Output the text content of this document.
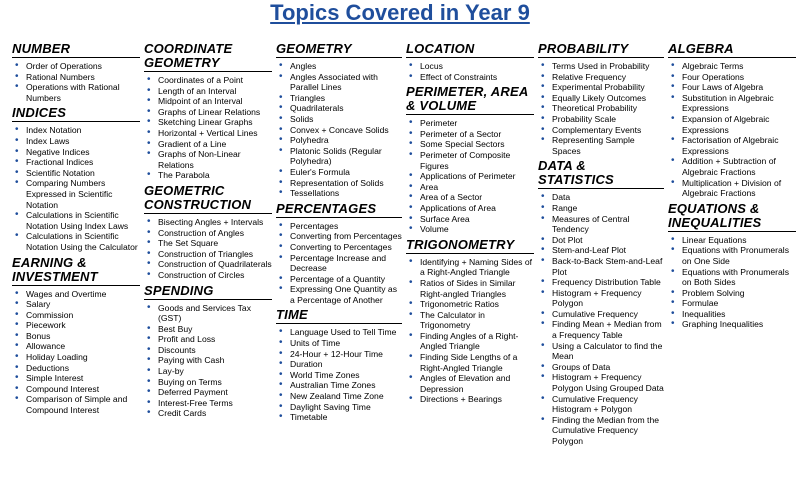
Topics Covered in Year 9
NUMBER
• Order of Operations
• Rational Numbers
• Operations with Rational Numbers
INDICES
• Index Notation
• Index Laws
• Negative Indices
• Fractional Indices
• Scientific Notation
• Comparing Numbers Expressed in Scientific Notation
• Calculations in Scientific Notation Using Index Laws
• Calculations in Scientific Notation Using the Calculator
EARNING & INVESTMENT
• Wages and Overtime
• Salary
• Commission
• Piecework
• Bonus
• Allowance
• Holiday Loading
• Deductions
• Simple Interest
• Compound Interest
• Comparison of Simple and Compound Interest
COORDINATE GEOMETRY
• Coordinates of a Point
• Length of an Interval
• Midpoint of an Interval
• Graphs of Linear Relations
• Sketching Linear Graphs
• Horizontal + Vertical Lines
• Gradient of a Line
• Graphs of Non-Linear Relations
• The Parabola
GEOMETRIC CONSTRUCTION
• Bisecting Angles + Intervals
• Construction of Angles
• The Set Square
• Construction of Triangles
• Construction of Quadrilaterals
• Construction of Circles
SPENDING
• Goods and Services Tax (GST)
• Best Buy
• Profit and Loss
• Discounts
• Paying with Cash
• Lay-by
• Buying on Terms
• Deferred Payment
• Interest-Free Terms
• Credit Cards
GEOMETRY
• Angles
• Angles Associated with Parallel Lines
• Triangles
• Quadrilaterals
• Solids
• Convex + Concave Solids
• Polyhedra
• Platonic Solids (Regular Polyhedra)
• Euler's Formula
• Representation of Solids
• Tessellations
PERCENTAGES
• Percentages
• Converting from Percentages
• Converting to Percentages
• Percentage Increase and Decrease
• Percentage of a Quantity
• Expressing One Quantity as a Percentage of Another
TIME
• Language Used to Tell Time
• Units of Time
• 24-Hour + 12-Hour Time
• Duration
• World Time Zones
• Australian Time Zones
• New Zealand Time Zone
• Daylight Saving Time
• Timetable
LOCATION
• Locus
• Effect of Constraints
PERIMETER, AREA & VOLUME
• Perimeter
• Perimeter of a Sector
• Some Special Sectors
• Perimeter of Composite Figures
• Applications of Perimeter
• Area
• Area of a Sector
• Applications of Area
• Surface Area
• Volume
TRIGONOMETRY
• Identifying + Naming Sides of a Right-Angled Triangle
• Ratios of Sides in Similar Right-angled Triangles
• Trigonometric Ratios
• The Calculator in Trigonometry
• Finding Angles of a Right-Angled Triangle
• Finding Side Lengths of a Right-Angled Triangle
• Angles of Elevation and Depression
• Directions + Bearings
PROBABILITY
• Terms Used in Probability
• Relative Frequency
• Experimental Probability
• Equally Likely Outcomes
• Theoretical Probability
• Probability Scale
• Complementary Events
• Representing Sample Spaces
DATA & STATISTICS
• Data
• Range
• Measures of Central Tendency
• Dot Plot
• Stem-and-Leaf Plot
• Back-to-Back Stem-and-Leaf Plot
• Frequency Distribution Table
• Histogram + Frequency Polygon
• Cumulative Frequency
• Finding Mean + Median from a Frequency Table
• Using a Calculator to find the Mean
• Groups of Data
• Histogram + Frequency Polygon Using Grouped Data
• Cumulative Frequency Histogram + Polygon
• Finding the Median from the Cumulative Frequency Polygon
ALGEBRA
• Algebraic Terms
• Four Operations
• Four Laws of Algebra
• Substitution in Algebraic Expressions
• Expansion of Algebraic Expressions
• Factorisation of Algebraic Expressions
• Addition + Subtraction of Algebraic Fractions
• Multiplication + Division of Algebraic Fractions
EQUATIONS & INEQUALITIES
• Linear Equations
• Equations with Pronumerals on One Side
• Equations with Pronumerals on Both Sides
• Problem Solving
• Formulae
• Inequalities
• Graphing Inequalities
